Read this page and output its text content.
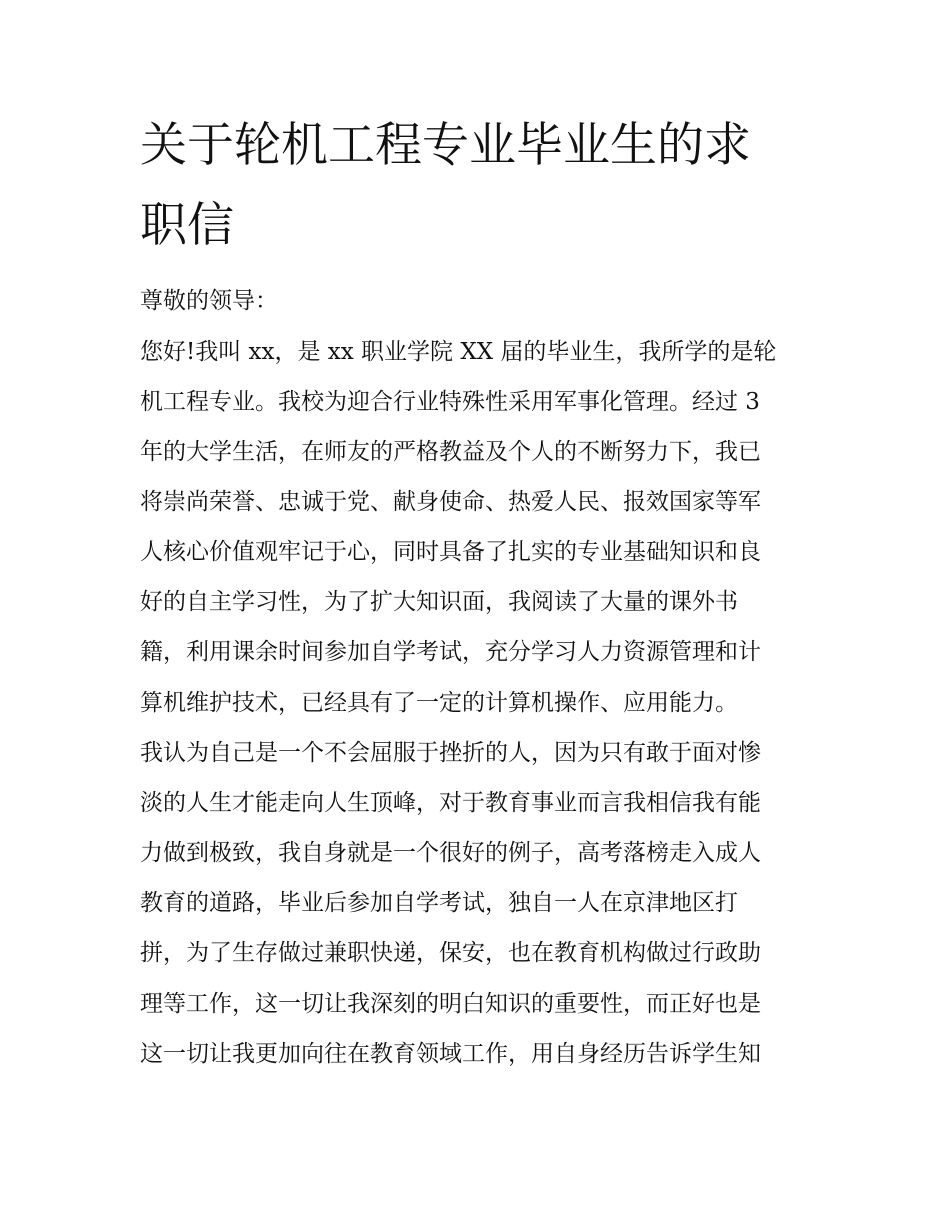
关于轮机工程专业毕业生的求
职信
尊敬的领导：
您好!我叫 xx，是 xx 职业学院 XX 届的毕业生，我所学的是轮
机工程专业。我校为迎合行业特殊性采用军事化管理。经过 3
年的大学生活，在师友的严格教益及个人的不断努力下，我已
将崇尚荣誉、忠诚于党、献身使命、热爱人民、报效国家等军
人核心价值观牢记于心，同时具备了扎实的专业基础知识和良
好的自主学习性，为了扩大知识面，我阅读了大量的课外书
籍，利用课余时间参加自学考试，充分学习人力资源管理和计
算机维护技术，已经具有了一定的计算机操作、应用能力。
我认为自己是一个不会屈服于挫折的人，因为只有敢于面对惨
淡的人生才能走向人生顶峰，对于教育事业而言我相信我有能
力做到极致，我自身就是一个很好的例子，高考落榜走入成人
教育的道路，毕业后参加自学考试，独自一人在京津地区打
拼，为了生存做过兼职快递，保安，也在教育机构做过行政助
理等工作，这一切让我深刻的明白知识的重要性，而正好也是
这一切让我更加向往在教育领域工作，用自身经历告诉学生知
